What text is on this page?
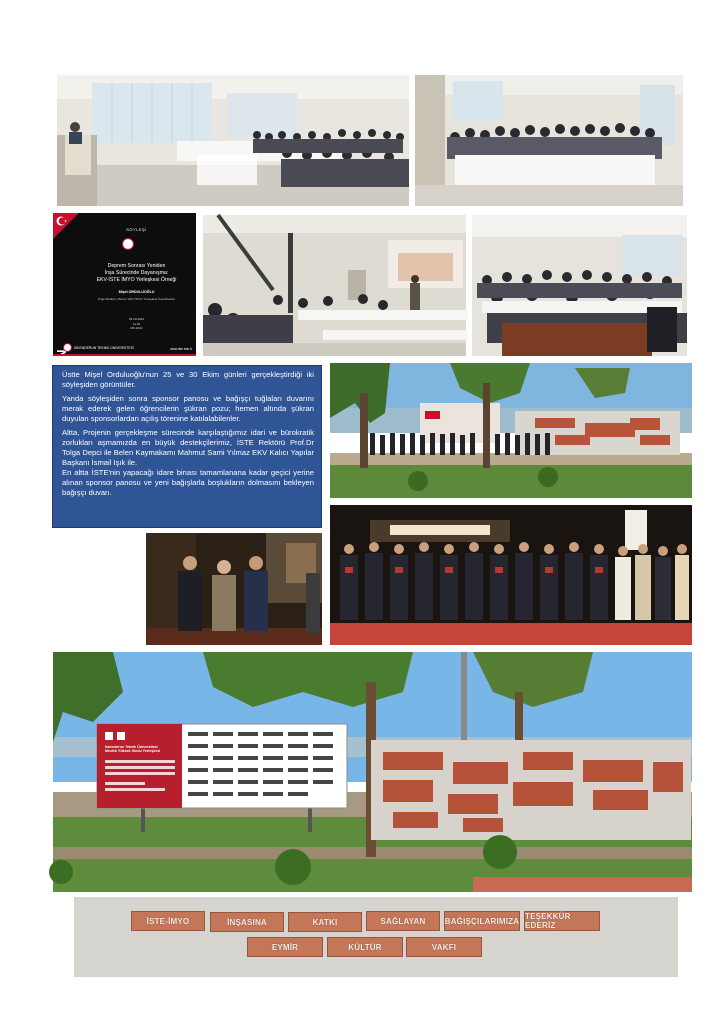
SÖYLEŞİ
Deprem Sonrası Yeniden
İnşa Sürecinde Dayanışma:
EKV-İSTE İMYO Yerleşkesi Örneği
Mişel ORDULUOĞLU
Proje Müdürü, Mimar / EKV İMYO Yerleşkesi Koordinatörü
25.10.2024
11.00
MF-1022
İSKENDERUN TEKNİK ÜNİVERSİTESİ	www.iste.edu.tr

Üstte Mişel Orduluoğlu'nun 25 ve 30 Ekim günleri gerçekleştirdiği iki söyleşiden görüntüler.

Yanda söyleşiden sonra sponsor panosu ve bağışçı tuğlaları duvarını merak ederek gelen öğrencilerin şükran pozu; hemen altında şükran duyulan sponsorlardan açılış törenine katılalabilenler.

Altta, Projenin gerçekleşme sürecinde karşılaştığımız idari ve bürokratik zorlukları aşmamızda en büyük destekçilerimiz, İSTE Rektörü Prof.Dr Tolga Depci ile Belen Kaymakamı Mahmut Sami Yılmaz EKV Kalıcı Yapılar Başkanı İsmail Işık ile.

En altta İSTE'nin yapacağı idare binası tamamlanana kadar geçici yerine alınan sponsor panosu ve yeni bağışlarla boşlukların dolmasını bekleyen bağışçı duvarı.

İskenderun Teknik Üniversitesi
Meslek Yüksek Okulu Yerleşkesi
İSTE-İMYO	İNŞASINA	KATKI	SAĞLAYAN	BAĞIŞÇILARIMIZA TEŞEKKÜR EDERİZ
EYMİR	KÜLTÜR	VAKFI
